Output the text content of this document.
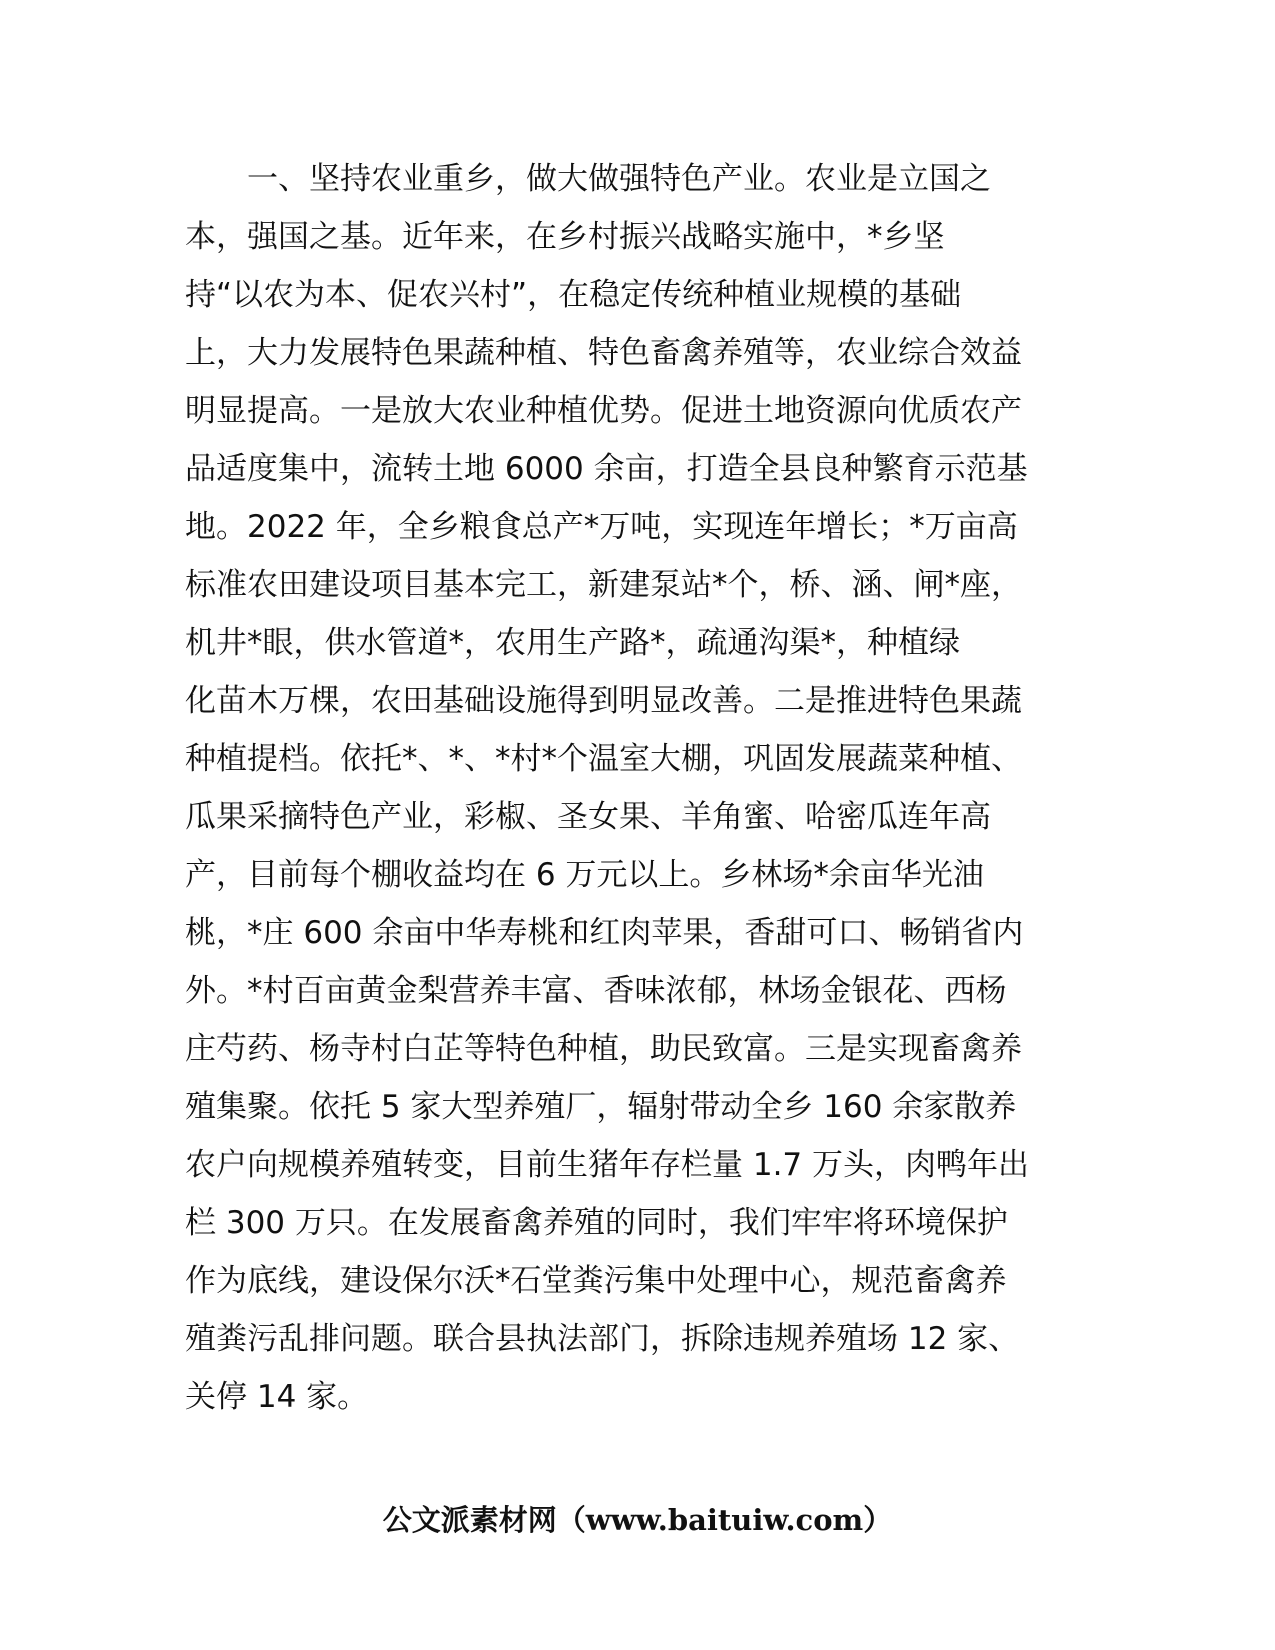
　　一、坚持农业重乡，做大做强特色产业。农业是立国之
本，强国之基。近年来，在乡村振兴战略实施中，*乡坚
持“以农为本、促农兴村”，在稳定传统种植业规模的基础
上，大力发展特色果蔬种植、特色畜禽养殖等，农业综合效益
明显提高。一是放大农业种植优势。促进土地资源向优质农产
品适度集中，流转土地 6000 余亩，打造全县良种繁育示范基
地。2022 年，全乡粮食总产*万吨，实现连年增长；*万亩高
标准农田建设项目基本完工，新建泵站*个，桥、涵、闸*座，
机井*眼，供水管道*，农用生产路*，疏通沟渠*，种植绿
化苗木万棵，农田基础设施得到明显改善。二是推进特色果蔬
种植提档。依托*、*、*村*个温室大棚，巩固发展蔬菜种植、
瓜果采摘特色产业，彩椒、圣女果、羊角蜜、哈密瓜连年高
产，目前每个棚收益均在 6 万元以上。乡林场*余亩华光油
桃，*庄 600 余亩中华寿桃和红肉苹果，香甜可口、畅销省内
外。*村百亩黄金梨营养丰富、香味浓郁，林场金银花、西杨
庄芍药、杨寺村白芷等特色种植，助民致富。三是实现畜禽养
殖集聚。依托 5 家大型养殖厂，辐射带动全乡 160 余家散养
农户向规模养殖转变，目前生猪年存栏量 1.7 万头，肉鸭年出
栏 300 万只。在发展畜禽养殖的同时，我们牢牢将环境保护
作为底线，建设保尔沃*石堂粪污集中处理中心，规范畜禽养
殖粪污乱排问题。联合县执法部门，拆除违规养殖场 12 家、
关停 14 家。
公文派素材网（www.baituiw.com）
